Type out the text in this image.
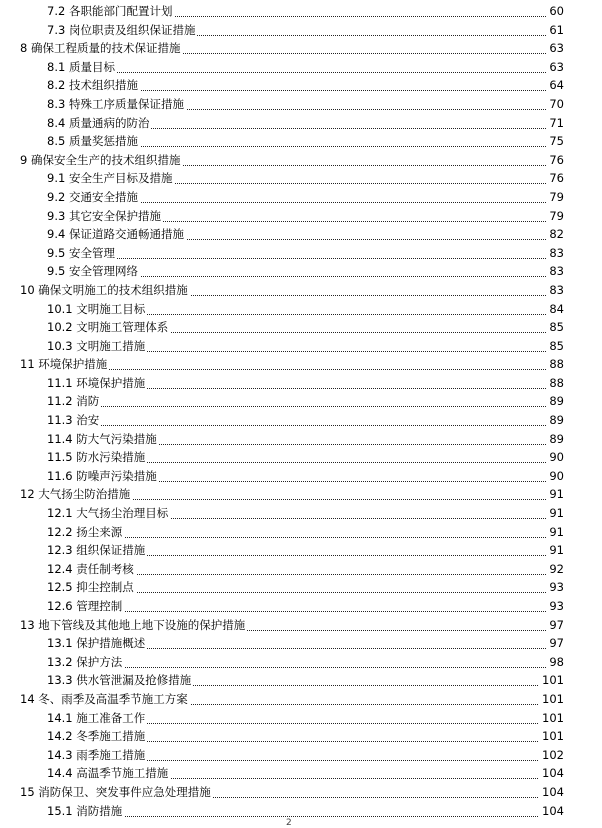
7.2 各职能部门配置计划	60
7.3 岗位职责及组织保证措施	61
8 确保工程质量的技术保证措施	63
8.1 质量目标	63
8.2 技术组织措施	64
8.3 特殊工序质量保证措施	70
8.4 质量通病的防治	71
8.5 质量奖惩措施	75
9 确保安全生产的技术组织措施	76
9.1 安全生产目标及措施	76
9.2 交通安全措施	79
9.3 其它安全保护措施	79
9.4 保证道路交通畅通措施	82
9.5 安全管理	83
9.5 安全管理网络	83
10 确保文明施工的技术组织措施	83
10.1 文明施工目标	84
10.2 文明施工管理体系	85
10.3 文明施工措施	85
11 环境保护措施	88
11.1 环境保护措施	88
11.2 消防	89
11.3 治安	89
11.4 防大气污染措施	89
11.5 防水污染措施	90
11.6 防噪声污染措施	90
12 大气扬尘防治措施	91
12.1 大气扬尘治理目标	91
12.2 扬尘来源	91
12.3 组织保证措施	91
12.4 责任制考核	92
12.5 抑尘控制点	93
12.6 管理控制	93
13 地下管线及其他地上地下设施的保护措施	97
13.1 保护措施概述	97
13.2 保护方法	98
13.3 供水管泄漏及抢修措施	101
14 冬、雨季及高温季节施工方案	101
14.1 施工准备工作	101
14.2 冬季施工措施	101
14.3 雨季施工措施	102
14.4 高温季节施工措施	104
15 消防保卫、突发事件应急处理措施	104
15.1 消防措施	104
2
